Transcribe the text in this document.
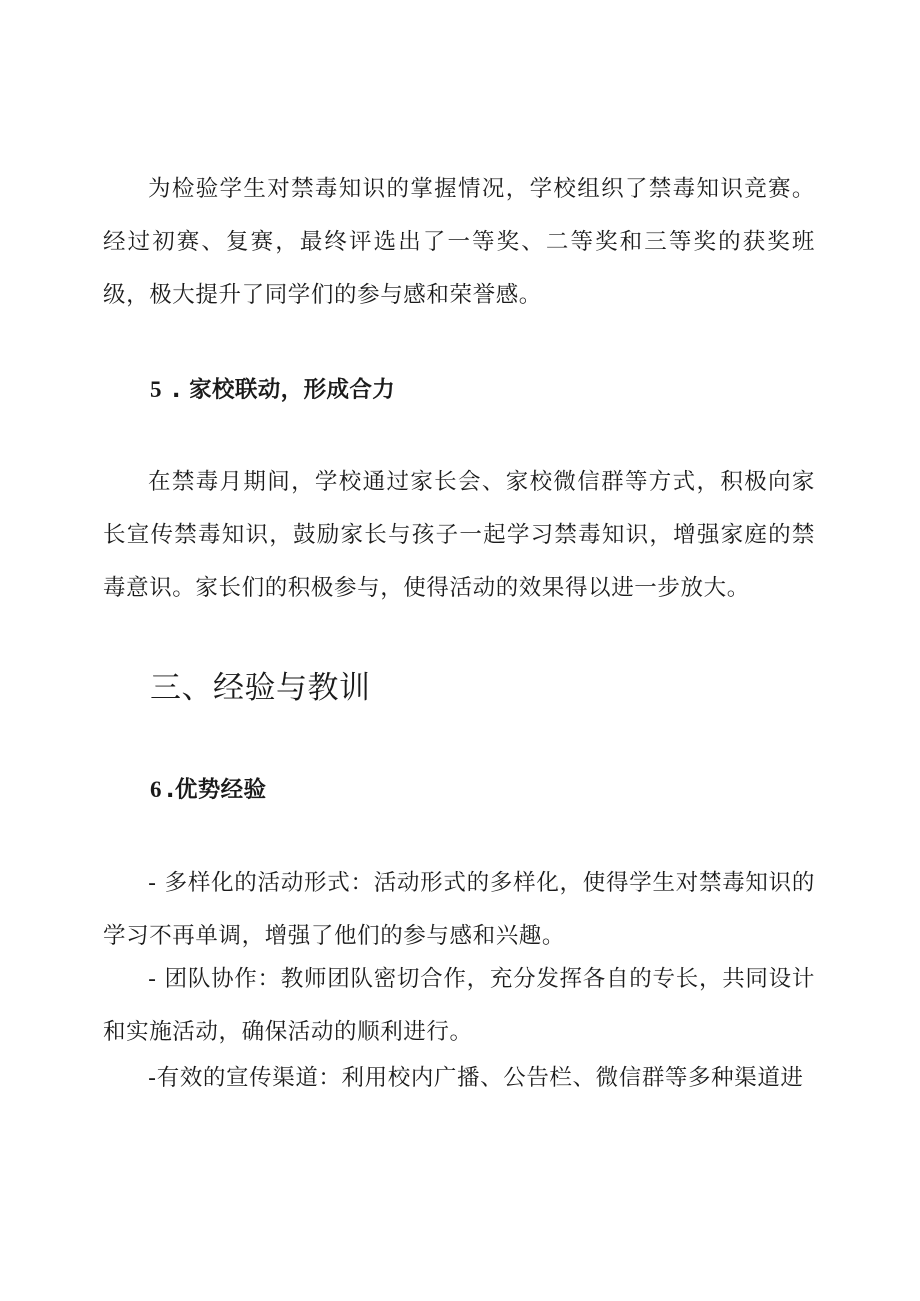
为检验学生对禁毒知识的掌握情况，学校组织了禁毒知识竞赛。经过初赛、复赛，最终评选出了一等奖、二等奖和三等奖的获奖班级，极大提升了同学们的参与感和荣誉感。

5 . 家校联动，形成合力

在禁毒月期间，学校通过家长会、家校微信群等方式，积极向家长宣传禁毒知识，鼓励家长与孩子一起学习禁毒知识，增强家庭的禁毒意识。家长们的积极参与，使得活动的效果得以进一步放大。

三、经验与教训
6 .优势经验

- 多样化的活动形式：活动形式的多样化，使得学生对禁毒知识的学习不再单调，增强了他们的参与感和兴趣。

- 团队协作：教师团队密切合作，充分发挥各自的专长，共同设计和实施活动，确保活动的顺利进行。

-有效的宣传渠道：利用校内广播、公告栏、微信群等多种渠道进
